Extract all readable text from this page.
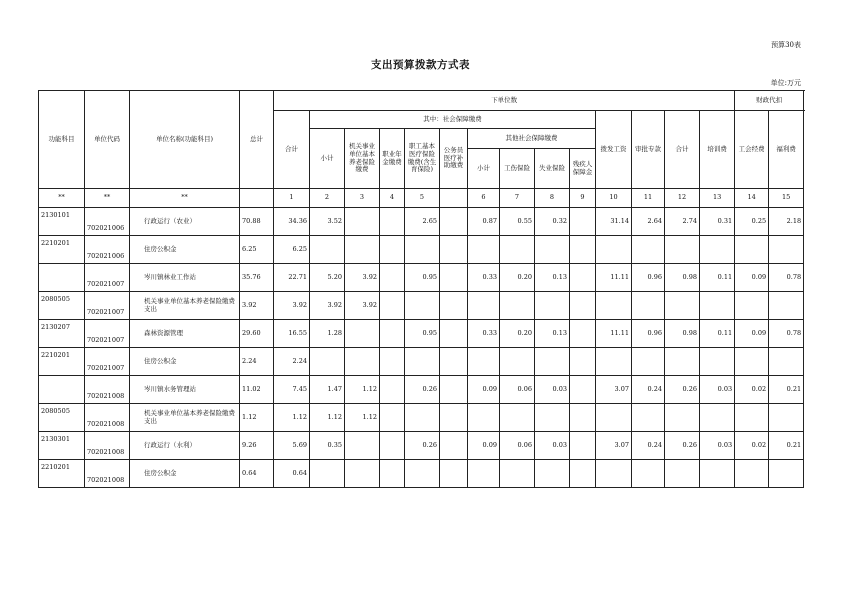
预算30表
支出预算拨款方式表
单位:万元
功能科目	单位代码	单位名称(功能科目)	总计	下单位数														财政代扣	
				合计	其中：社会保障缴费									拨发工资	审批专款	合计	培训费	工会经费	福利费
					小计	机关事业单位基本养老保险缴费	职业年金缴费	职工基本医疗保险缴费(含生育保险)	公务员医疗补助缴费	其他社会保障缴费									
										小计	工伤保险	失业保险	残疾人保障金						
**	**	**		1	2	3	4	5		6	7	8	9	10	11	12	13	14	15
2130101	702021006	行政运行（农业）	70.88	34.36	3.52			2.65		0.87	0.55	0.32		31.14	2.64	2.74	0.31	0.25	2.18
2210201	702021006	住房公积金	6.25	6.25															
	702021007	岑川镇林业工作站	35.76	22.71	5.20	3.92		0.95		0.33	0.20	0.13		11.11	0.96	0.98	0.11	0.09	0.78
2080505	702021007	机关事业单位基本养老保险缴费支出	3.92	3.92	3.92	3.92													
2130207	702021007	森林资源管理	29.60	16.55	1.28			0.95		0.33	0.20	0.13		11.11	0.96	0.98	0.11	0.09	0.78
2210201	702021007	住房公积金	2.24	2.24															
	702021008	岑川镇水务管理站	11.02	7.45	1.47	1.12		0.26		0.09	0.06	0.03		3.07	0.24	0.26	0.03	0.02	0.21
2080505	702021008	机关事业单位基本养老保险缴费支出	1.12	1.12	1.12	1.12													
2130301	702021008	行政运行（水利）	9.26	5.69	0.35			0.26		0.09	0.06	0.03		3.07	0.24	0.26	0.03	0.02	0.21
2210201	702021008	住房公积金	0.64	0.64															
